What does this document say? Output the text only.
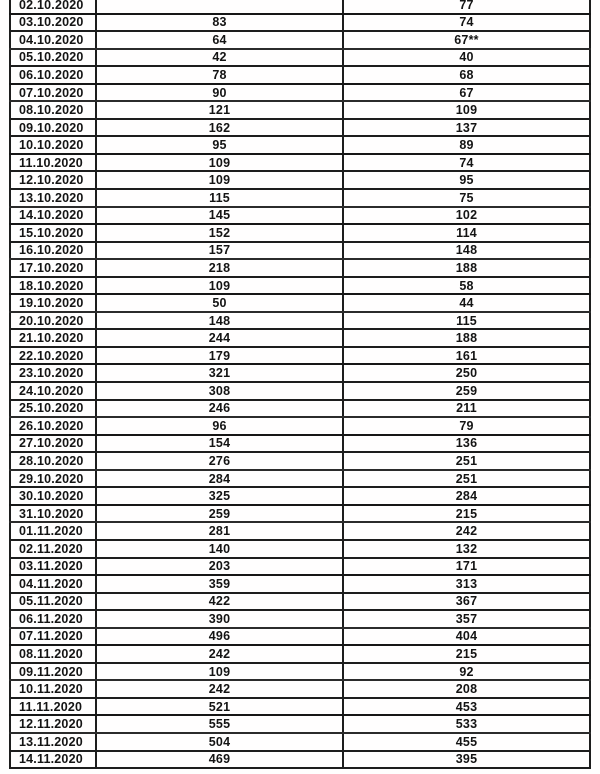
02.10.2020		77
03.10.2020	83	74
04.10.2020	64	67**
05.10.2020	42	40
06.10.2020	78	68
07.10.2020	90	67
08.10.2020	121	109
09.10.2020	162	137
10.10.2020	95	89
11.10.2020	109	74
12.10.2020	109	95
13.10.2020	115	75
14.10.2020	145	102
15.10.2020	152	114
16.10.2020	157	148
17.10.2020	218	188
18.10.2020	109	58
19.10.2020	50	44
20.10.2020	148	115
21.10.2020	244	188
22.10.2020	179	161
23.10.2020	321	250
24.10.2020	308	259
25.10.2020	246	211
26.10.2020	96	79
27.10.2020	154	136
28.10.2020	276	251
29.10.2020	284	251
30.10.2020	325	284
31.10.2020	259	215
01.11.2020	281	242
02.11.2020	140	132
03.11.2020	203	171
04.11.2020	359	313
05.11.2020	422	367
06.11.2020	390	357
07.11.2020	496	404
08.11.2020	242	215
09.11.2020	109	92
10.11.2020	242	208
11.11.2020	521	453
12.11.2020	555	533
13.11.2020	504	455
14.11.2020	469	395
